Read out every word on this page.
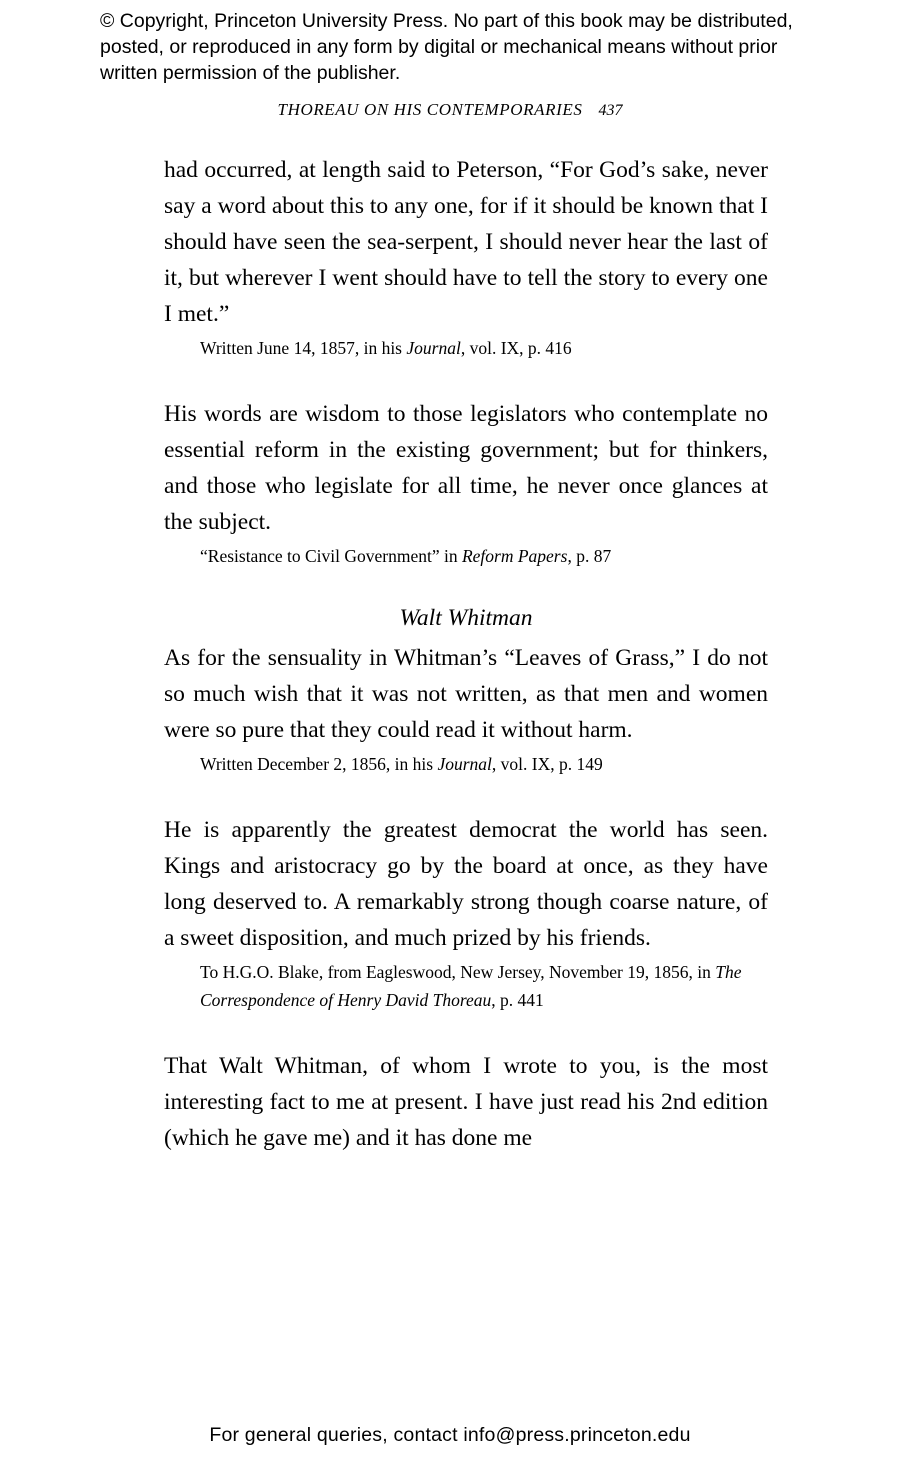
© Copyright, Princeton University Press. No part of this book may be distributed, posted, or reproduced in any form by digital or mechanical means without prior written permission of the publisher.
THOREAU ON HIS CONTEMPORARIES 437

had occurred, at length said to Peterson, “For God’s sake, never say a word about this to any one, for if it should be known that I should have seen the sea-serpent, I should never hear the last of it, but wherever I went should have to tell the story to every one I met.”

Written June 14, 1857, in his Journal, vol. IX, p. 416

His words are wisdom to those legislators who contemplate no essential reform in the existing government; but for thinkers, and those who legislate for all time, he never once glances at the subject.

“Resistance to Civil Government” in Reform Papers, p. 87

Walt Whitman

As for the sensuality in Whitman’s “Leaves of Grass,” I do not so much wish that it was not written, as that men and women were so pure that they could read it without harm.

Written December 2, 1856, in his Journal, vol. IX, p. 149

He is apparently the greatest democrat the world has seen. Kings and aristocracy go by the board at once, as they have long deserved to. A remarkably strong though coarse nature, of a sweet disposition, and much prized by his friends.

To H.G.O. Blake, from Eagleswood, New Jersey, November 19, 1856, in The Correspondence of Henry David Thoreau, p. 441

That Walt Whitman, of whom I wrote to you, is the most interesting fact to me at present. I have just read his 2nd edition (which he gave me) and it has done me

For general queries, contact info@press.princeton.edu
